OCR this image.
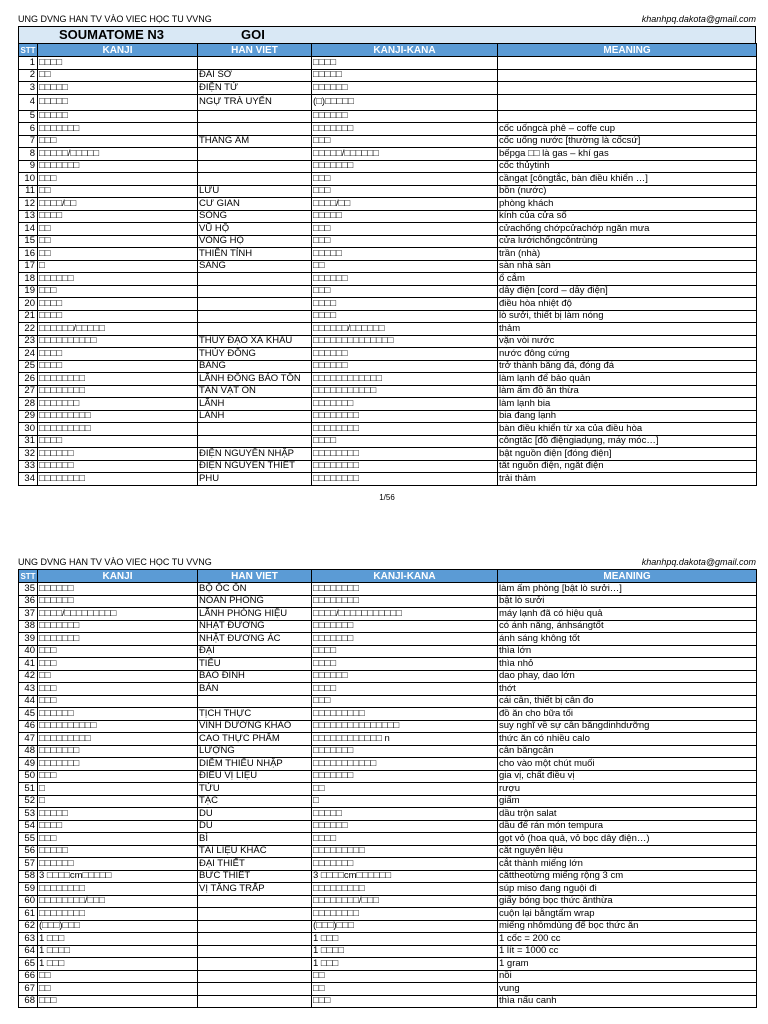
UNG DVNG HAN TV VÀO VIEC HỌC TU VVNG	khanhpq.dakota@gmail.com
SOUMATOME N3	GOI
STT	KANJI	HAN VIET	KANJI-KANA	MEANING
1	□□□□		□□□□	
2	□□	ĐÀI SỞ	□□□□□	
3	□□□□□	ĐIỆN TỬ	□□□□□□	
4	□□□□□	NGỰ TRÀ UYỂN	(□)□□□□□	
5	□□□□□		□□□□□□	
6	□□□□□□□		□□□□□□□	cốc uốngcà phê – coffe cup
7	□□□	THANG ẨM	□□□	cốc uống nước [thường là cốcsứ]
8	□□□□□/□□□□□		□□□□□/□□□□□□	bếpga □□ là gas – khí gas
9	□□□□□□□		□□□□□□□	cốc thủytinh
10	□□□		□□□	cầngạt [côngtắc, bàn điều khiển …]
11	□□	LƯU	□□□	bồn (nước)
12	□□□□/□□	CƯ GIAN	□□□□/□□	phòng khách
13	□□□□	SONG	□□□□□	kính của cửa sổ
14	□□	VŨ HỘ	□□□	cửachống chớpcửachớp ngăn mưa
15	□□	VÕNG HỘ	□□□	cửa lướichốngcôntrùng
16	□□	THIÊN TỈNH	□□□□□	trần (nhà)
17	□	SÀNG	□□	sàn nhà sàn
18	□□□□□□		□□□□□□	ổ cắm
19	□□□		□□□	dây điện [cord – dây điện]
20	□□□□		□□□□	điều hòa nhiệt độ
21	□□□□		□□□□	lò sưởi, thiết bị làm nóng
22	□□□□□□/□□□□□		□□□□□□/□□□□□□	thảm
23	□□□□□□□□□□	THỦY ĐẠO XÀ KHẨU	□□□□□□□□□□□□□□	vặn vòi nước
24	□□□□	THỦY ĐÔNG	□□□□□□	nước đông cứng
25	□□□□	BĂNG	□□□□□□	trở thành băng đá, đóng đá
26	□□□□□□□□	LÃNH ĐÔNG BẢO TỒN	□□□□□□□□□□□□	làm lạnh để bảo quản
27	□□□□□□□□	TÀN VẬT ÔN	□□□□□□□□□□□	làm ấm đồ ăn thừa
28	□□□□□□□	LÃNH	□□□□□□□	làm lạnh bia
29	□□□□□□□□□	LÃNH	□□□□□□□□	bia đang lạnh
30	□□□□□□□□□		□□□□□□□□	bàn điều khiển từ xa của điều hòa
31	□□□□		□□□□	côngtắc [đồ điệngiadụng, máy móc…]
32	□□□□□□	ĐIỆN NGUYÊN NHẬP	□□□□□□□□	bật nguồn điện [đóng điện]
33	□□□□□□	ĐIỆN NGUYÊN THIẾT	□□□□□□□□	tắt nguồn điện, ngắt điện
34	□□□□□□□□	PHU	□□□□□□□□	trải thảm
1/56
UNG DVNG HAN TV VÀO VIEC HỌC TU VVNG	khanhpq.dakota@gmail.com
STT	KANJI	HAN VIET	KANJI-KANA	MEANING
35	□□□□□□	BỘ ỐC ÔN	□□□□□□□□	làm ấm phòng [bật lò sưởi…]
36	□□□□□□	NOÃN PHÒNG	□□□□□□□□	bật lò sưởi
37	□□□□/□□□□□□□□□	LÃNH PHÒNG HIỆU	□□□□/□□□□□□□□□□□	máy lạnh đã có hiệu quả
38	□□□□□□□	NHẬT ĐƯƠNG	□□□□□□□	có ánh nắng, ánhsángtốt
39	□□□□□□□	NHẬT ĐƯƠNG ÁC	□□□□□□□	ánh sáng không tốt
40	□□□	ĐẠI	□□□□	thìa lớn
41	□□□	TIỂU	□□□□	thìa nhỏ
42	□□	BAO ĐINH	□□□□□□	dao phay, dao lớn
43	□□□	BẢN	□□□□	thớt
44	□□□		□□□	cái cân, thiết bị cân đo
45	□□□□□□	TỊCH THỰC	□□□□□□□□□	đồ ăn cho bữa tối
46	□□□□□□□□□□	VINH DƯỠNG KHẢO	□□□□□□□□□□□□□□□	suy nghĩ về sự cân bằngdinhdưỡng
47	□□□□□□□□□	CAO THỰC PHẨM	□□□□□□□□□□□□ n	thức ăn có nhiều calo
48	□□□□□□□	LƯỢNG	□□□□□□□	cân bằngcân
49	□□□□□□□	DIÊM THIỂU NHẬP	□□□□□□□□□□□	cho vào một chút muối
50	□□□	ĐIỀU VỊ LIỆU	□□□□□□□	gia vị, chất điều vị
51	□	TỬU	□□	rượu
52	□	TẠC	□	giấm
53	□□□□□	DU	□□□□□	dầu trộn salat
54	□□□□	DU	□□□□□□	dầu để rán món tempura
55	□□□	BÌ	□□□□	gọt vỏ (hoa quả, vỏ bọc dây điện…)
56	□□□□□	TÀI LIỆU KHẮC	□□□□□□□□□	cắt nguyên liệu
57	□□□□□□	ĐẠI THIẾT	□□□□□□□	cắt thành miếng lớn
58	3 □□□□cm□□□□□	BỨC THIẾT	3 □□□□cm□□□□□□	cắttheotừng miếng rộng 3 cm
59	□□□□□□□□	VỊ TĂNG TRẤP	□□□□□□□□□	súp miso đang nguội đi
60	□□□□□□□□/□□□		□□□□□□□□/□□□	giấy bóng bọc thức ănthừa
61	□□□□□□□□		□□□□□□□□	cuộn lại bằngtấm wrap
62	(□□□)□□□		(□□□)□□□	miếng nhômdùng để bọc thức ăn
63	1 □□□		1 □□□	1 cốc = 200 cc
64	1 □□□□		1 □□□□	1 lít = 1000 cc
65	1 □□□		1 □□□	1 gram
66	□□		□□	nồi
67	□□		□□	vung
68	□□□		□□□	thìa nấu canh
